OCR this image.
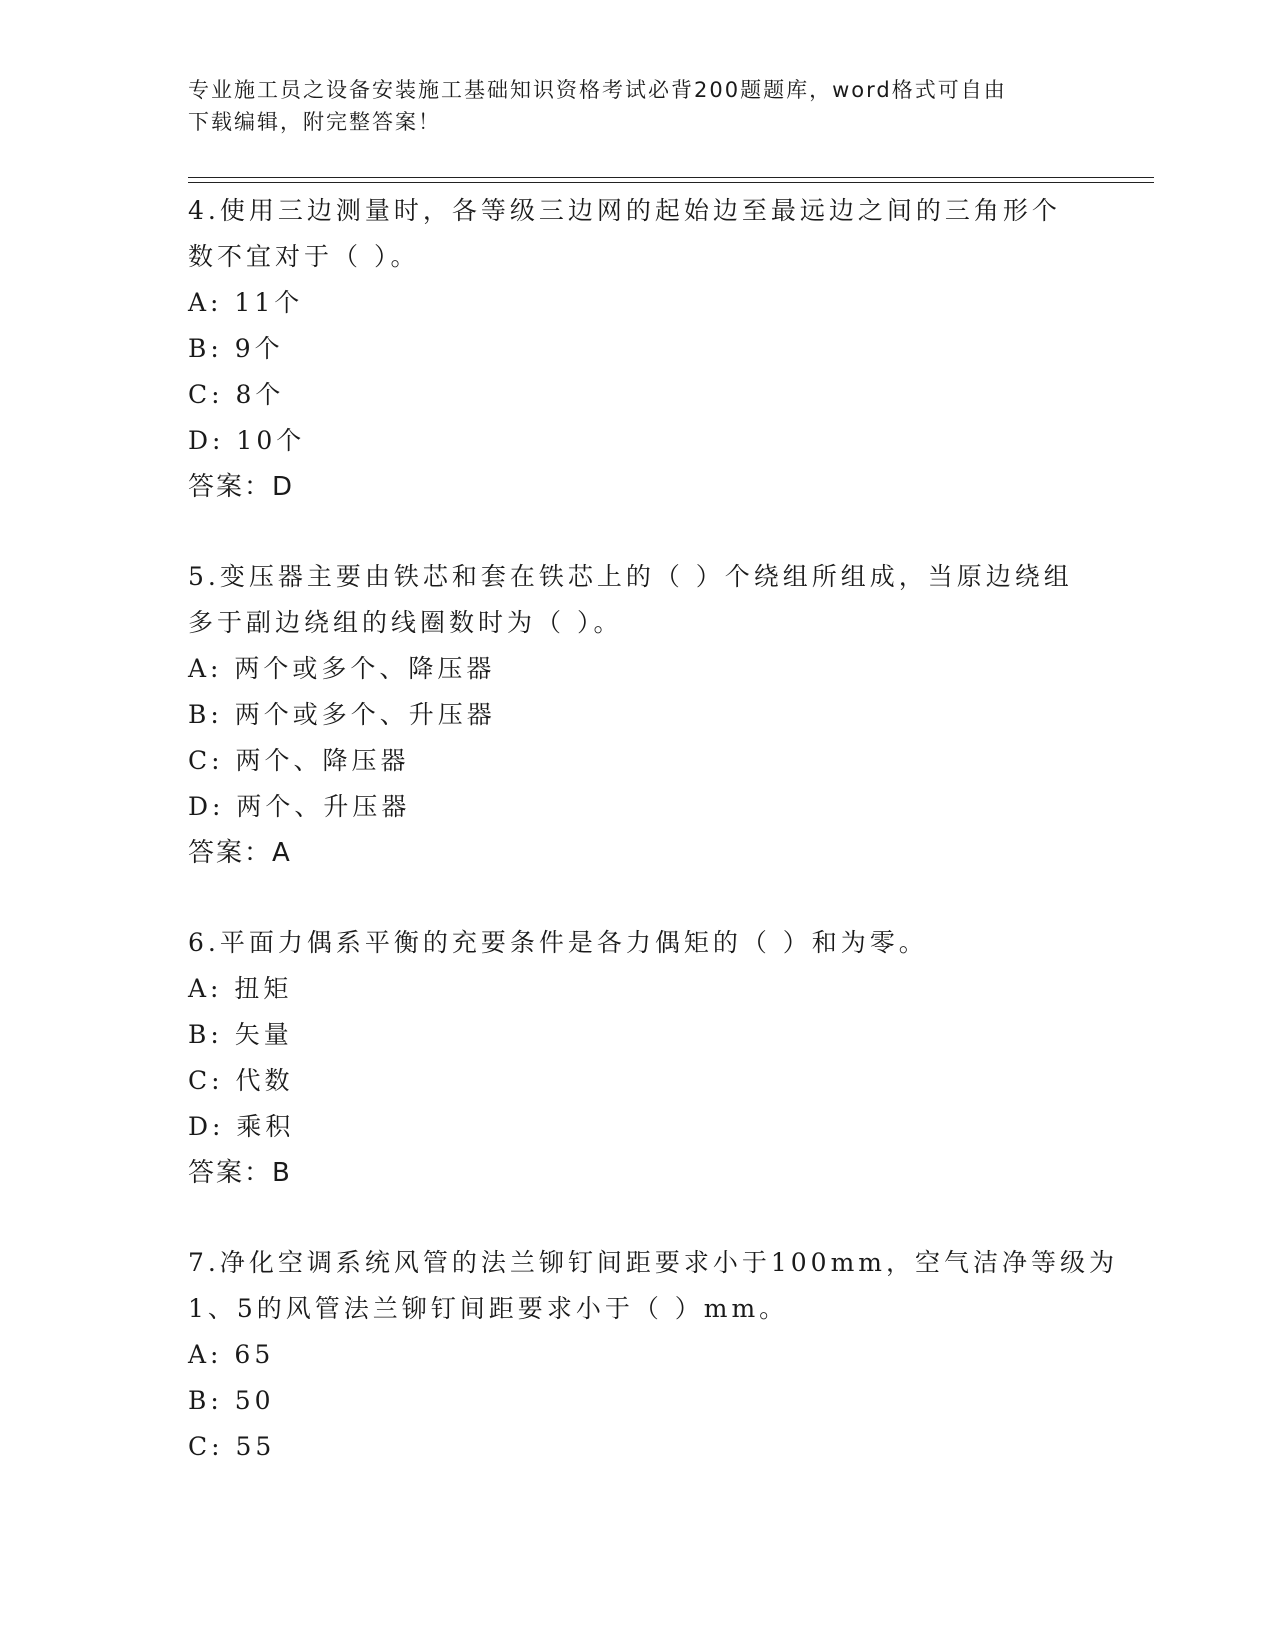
专业施工员之设备安装施工基础知识资格考试必背200题题库，word格式可自由
下载编辑，附完整答案！
4.使用三边测量时，各等级三边网的起始边至最远边之间的三角形个
数不宜对于（ ）。
A: 11个
B: 9个
C: 8个
D: 10个
答案：D
5.变压器主要由铁芯和套在铁芯上的（ ）个绕组所组成，当原边绕组
多于副边绕组的线圈数时为（ ）。
A: 两个或多个、降压器
B: 两个或多个、升压器
C: 两个、降压器
D: 两个、升压器
答案：A
6.平面力偶系平衡的充要条件是各力偶矩的（ ）和为零。
A: 扭矩
B: 矢量
C: 代数
D: 乘积
答案：B
7.净化空调系统风管的法兰铆钉间距要求小于100mm，空气洁净等级为
1、5的风管法兰铆钉间距要求小于（ ）mm。
A: 65
B: 50
C: 55
